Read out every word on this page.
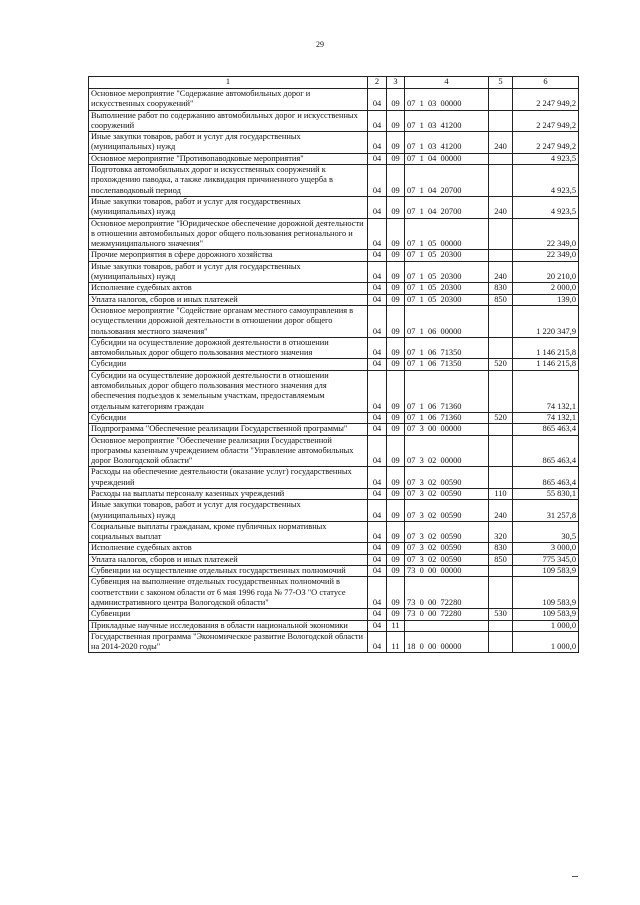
29
1	2	3	4	5	6
Основное мероприятие "Содержание автомобильных дорог и искусственных сооружений"	04	09	07  1  03  00000		2 247 949,2
Выполнение работ по содержанию автомобильных дорог и искусственных сооружений	04	09	07  1  03  41200		2 247 949,2
Иные закупки товаров, работ и услуг для государственных (муниципальных) нужд	04	09	07  1  03  41200	240	2 247 949,2
Основное мероприятие "Противопаводковые мероприятия"	04	09	07  1  04  00000		4 923,5
Подготовка автомобильных дорог и искусственных сооружений к прохождению паводка, а также ликвидация причиненного ущерба в послепаводковый период	04	09	07  1  04  20700		4 923,5
Иные закупки товаров, работ и услуг для государственных (муниципальных) нужд	04	09	07  1  04  20700	240	4 923,5
Основное мероприятие "Юридическое обеспечение дорожной деятельности в отношении автомобильных дорог общего пользования регионального и межмуниципального значения"	04	09	07  1  05  00000		22 349,0
Прочие мероприятия в сфере дорожного хозяйства	04	09	07  1  05  20300		22 349,0
Иные закупки товаров, работ и услуг для государственных (муниципальных) нужд	04	09	07  1  05  20300	240	20 210,0
Исполнение судебных актов	04	09	07  1  05  20300	830	2 000,0
Уплата налогов, сборов и иных платежей	04	09	07  1  05  20300	850	139,0
Основное мероприятие "Содействие органам местного самоуправления в осуществлении дорожной деятельности в отношении дорог общего пользования местного значения"	04	09	07  1  06  00000		1 220 347,9
Субсидии на осуществление дорожной деятельности в отношении автомобильных дорог общего пользования местного значения	04	09	07  1  06  71350		1 146 215,8
Субсидии	04	09	07  1  06  71350	520	1 146 215,8
Субсидии на осуществление дорожной деятельности в отношении автомобильных дорог общего пользования местного значения для обеспечения подъездов к земельным участкам, предоставляемым отдельным категориям граждан	04	09	07  1  06  71360		74 132,1
Субсидии	04	09	07  1  06  71360	520	74 132,1
Подпрограмма "Обеспечение реализации Государственной программы"	04	09	07  3  00  00000		865 463,4
Основное мероприятие "Обеспечение реализации Государственной программы казенным учреждением области "Управление автомобильных дорог Вологодской области"	04	09	07  3  02  00000		865 463,4
Расходы на обеспечение деятельности (оказание услуг) государственных учреждений	04	09	07  3  02  00590		865 463,4
Расходы на выплаты персоналу казенных учреждений	04	09	07  3  02  00590	110	55 830,1
Иные закупки товаров, работ и услуг для государственных (муниципальных) нужд	04	09	07  3  02  00590	240	31 257,8
Социальные выплаты гражданам, кроме публичных нормативных социальных выплат	04	09	07  3  02  00590	320	30,5
Исполнение судебных актов	04	09	07  3  02  00590	830	3 000,0
Уплата налогов, сборов и иных платежей	04	09	07  3  02  00590	850	775 345,0
Субвенции на осуществление отдельных государственных полномочий	04	09	73  0  00  00000		109 583,9
Субвенция на выполнение отдельных государственных полномочий в соответствии с законом области от 6 мая 1996 года № 77-ОЗ "О статусе административного центра Вологодской области"	04	09	73  0  00  72280		109 583,9
Субвенции	04	09	73  0  00  72280	530	109 583,9
Прикладные научные исследования в области национальной экономики	04	11			1 000,0
Государственная программа "Экономическое развитие Вологодской области на 2014-2020 годы"	04	11	18  0  00  00000		1 000,0
